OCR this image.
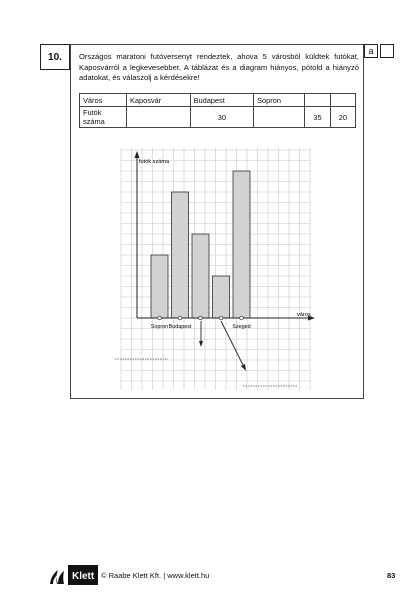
10.
a
Országos maratoni futóversenyt rendeztek, ahova 5 városból küldtek futókat, Kaposvárról a legkevesebbet. A táblázat és a diagram hiányos, pótold a hiányzó adatokat, és válaszolj a kérdésekre!
Város	Kaposvár	Budapest	Sopron		
Futók száma		30		35	20
futók száma
város
Sopron Budapest	Szeged
Klett © Raabe Klett Kft. | www.klett.hu	83
